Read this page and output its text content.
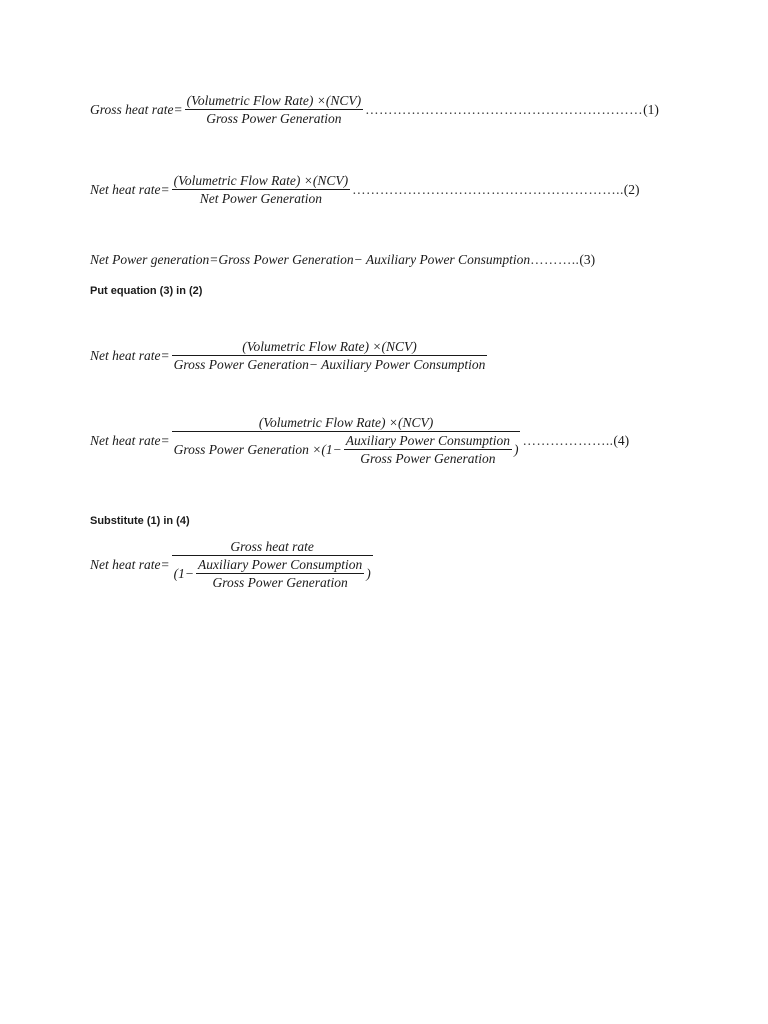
Gross heat rate = $\frac{\text{(Volumetric Flow Rate) ×(NCV)}}{\text{Gross Power Generation}}$ …………………………………………………… (1)
Net heat rate = $\frac{\text{(Volumetric Flow Rate) ×(NCV)}}{\text{Net Power Generation}}$ ………………………………………………….. (2)
Net Power generation=Gross Power Generation− Auxiliary Power Consumption ……….. (3)
Put equation (3) in (2)
Net heat rate = $\frac{\text{(Volumetric Flow Rate) ×(NCV)}}{\text{Gross Power Generation− Auxiliary Power Consumption}}$
Net heat rate =
(Volumetric Flow Rate) ×(NCV)
Gross Power Generation $\times(1- \frac{\text{Auxiliary Power Consumption}}{\text{Gross Power Generation}}$ )
……………….. (4)
Substitute (1) in (4)
Net heat rate =
Gross heat rate
($1- \frac{\text{Auxiliary Power Consumption}}{\text{Gross Power Generation}}$ )
